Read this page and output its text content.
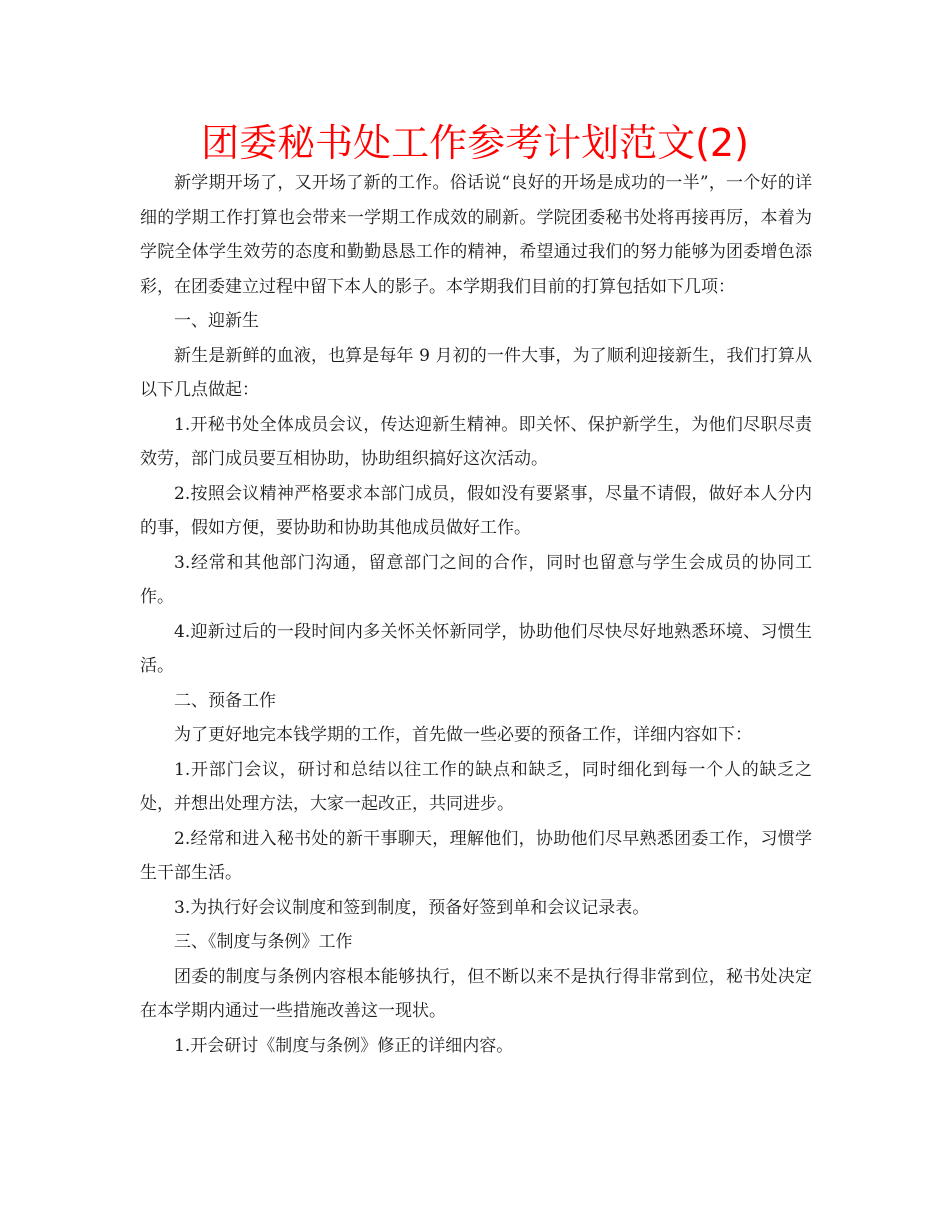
团委秘书处工作参考计划范文(2)

新学期开场了，又开场了新的工作。俗话说“良好的开场是成功的一半”，一个好的详细的学期工作打算也会带来一学期工作成效的刷新。学院团委秘书处将再接再厉，本着为学院全体学生效劳的态度和勤勤恳恳工作的精神，希望通过我们的努力能够为团委增色添彩，在团委建立过程中留下本人的影子。本学期我们目前的打算包括如下几项：

一、迎新生

新生是新鲜的血液，也算是每年 9 月初的一件大事，为了顺利迎接新生，我们打算从以下几点做起：

1.开秘书处全体成员会议，传达迎新生精神。即关怀、保护新学生，为他们尽职尽责效劳，部门成员要互相协助，协助组织搞好这次活动。

2.按照会议精神严格要求本部门成员，假如没有要紧事，尽量不请假，做好本人分内的事，假如方便，要协助和协助其他成员做好工作。

3.经常和其他部门沟通，留意部门之间的合作，同时也留意与学生会成员的协同工作。

4.迎新过后的一段时间内多关怀关怀新同学，协助他们尽快尽好地熟悉环境、习惯生活。

二、预备工作

为了更好地完本钱学期的工作，首先做一些必要的预备工作，详细内容如下：

1.开部门会议，研讨和总结以往工作的缺点和缺乏，同时细化到每一个人的缺乏之处，并想出处理方法，大家一起改正，共同进步。

2.经常和进入秘书处的新干事聊天，理解他们，协助他们尽早熟悉团委工作，习惯学生干部生活。

3.为执行好会议制度和签到制度，预备好签到单和会议记录表。

三、《制度与条例》工作

团委的制度与条例内容根本能够执行，但不断以来不是执行得非常到位，秘书处决定在本学期内通过一些措施改善这一现状。

1.开会研讨《制度与条例》修正的详细内容。
